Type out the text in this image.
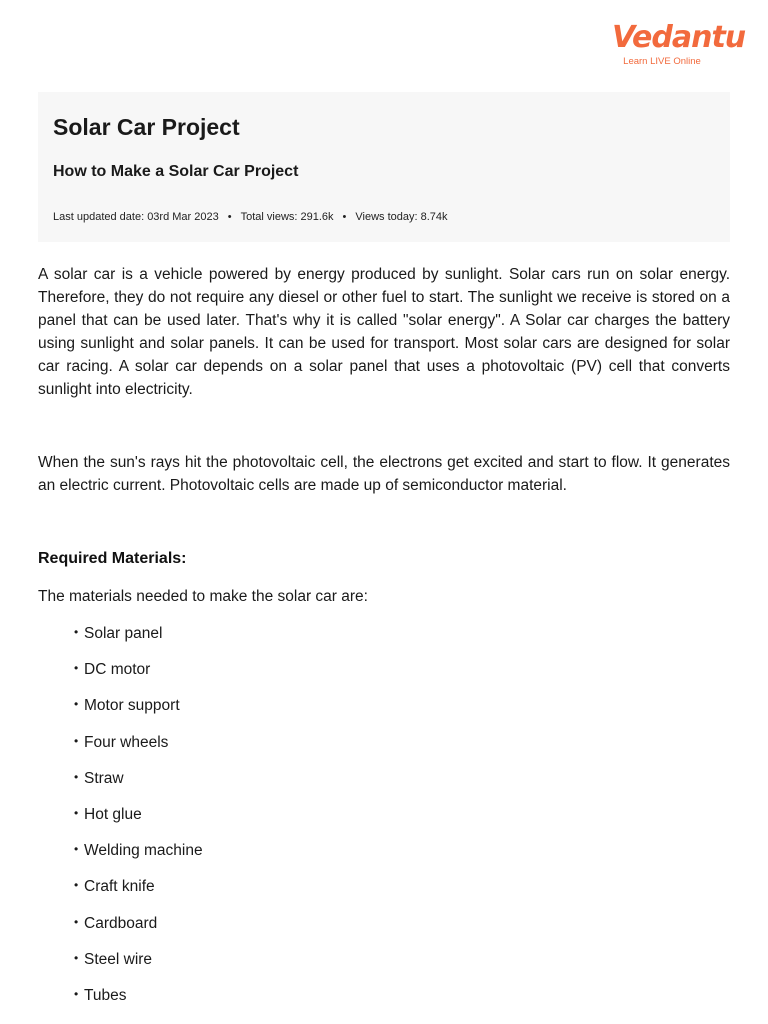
Vedantu
Learn LIVE Online
Solar Car Project
How to Make a Solar Car Project
Last updated date: 03rd Mar 2023 • Total views: 291.6k • Views today: 8.74k

A solar car is a vehicle powered by energy produced by sunlight. Solar cars run on solar energy. Therefore, they do not require any diesel or other fuel to start. The sunlight we receive is stored on a panel that can be used later. That's why it is called "solar energy". A Solar car charges the battery using sunlight and solar panels. It can be used for transport. Most solar cars are designed for solar car racing. A solar car depends on a solar panel that uses a photovoltaic (PV) cell that converts sunlight into electricity.

When the sun's rays hit the photovoltaic cell, the electrons get excited and start to flow. It generates an electric current. Photovoltaic cells are made up of semiconductor material.

Required Materials:

The materials needed to make the solar car are:

• Solar panel
• DC motor
• Motor support
• Four wheels
• Straw
• Hot glue
• Welding machine
• Craft knife
• Cardboard
• Steel wire
• Tubes
